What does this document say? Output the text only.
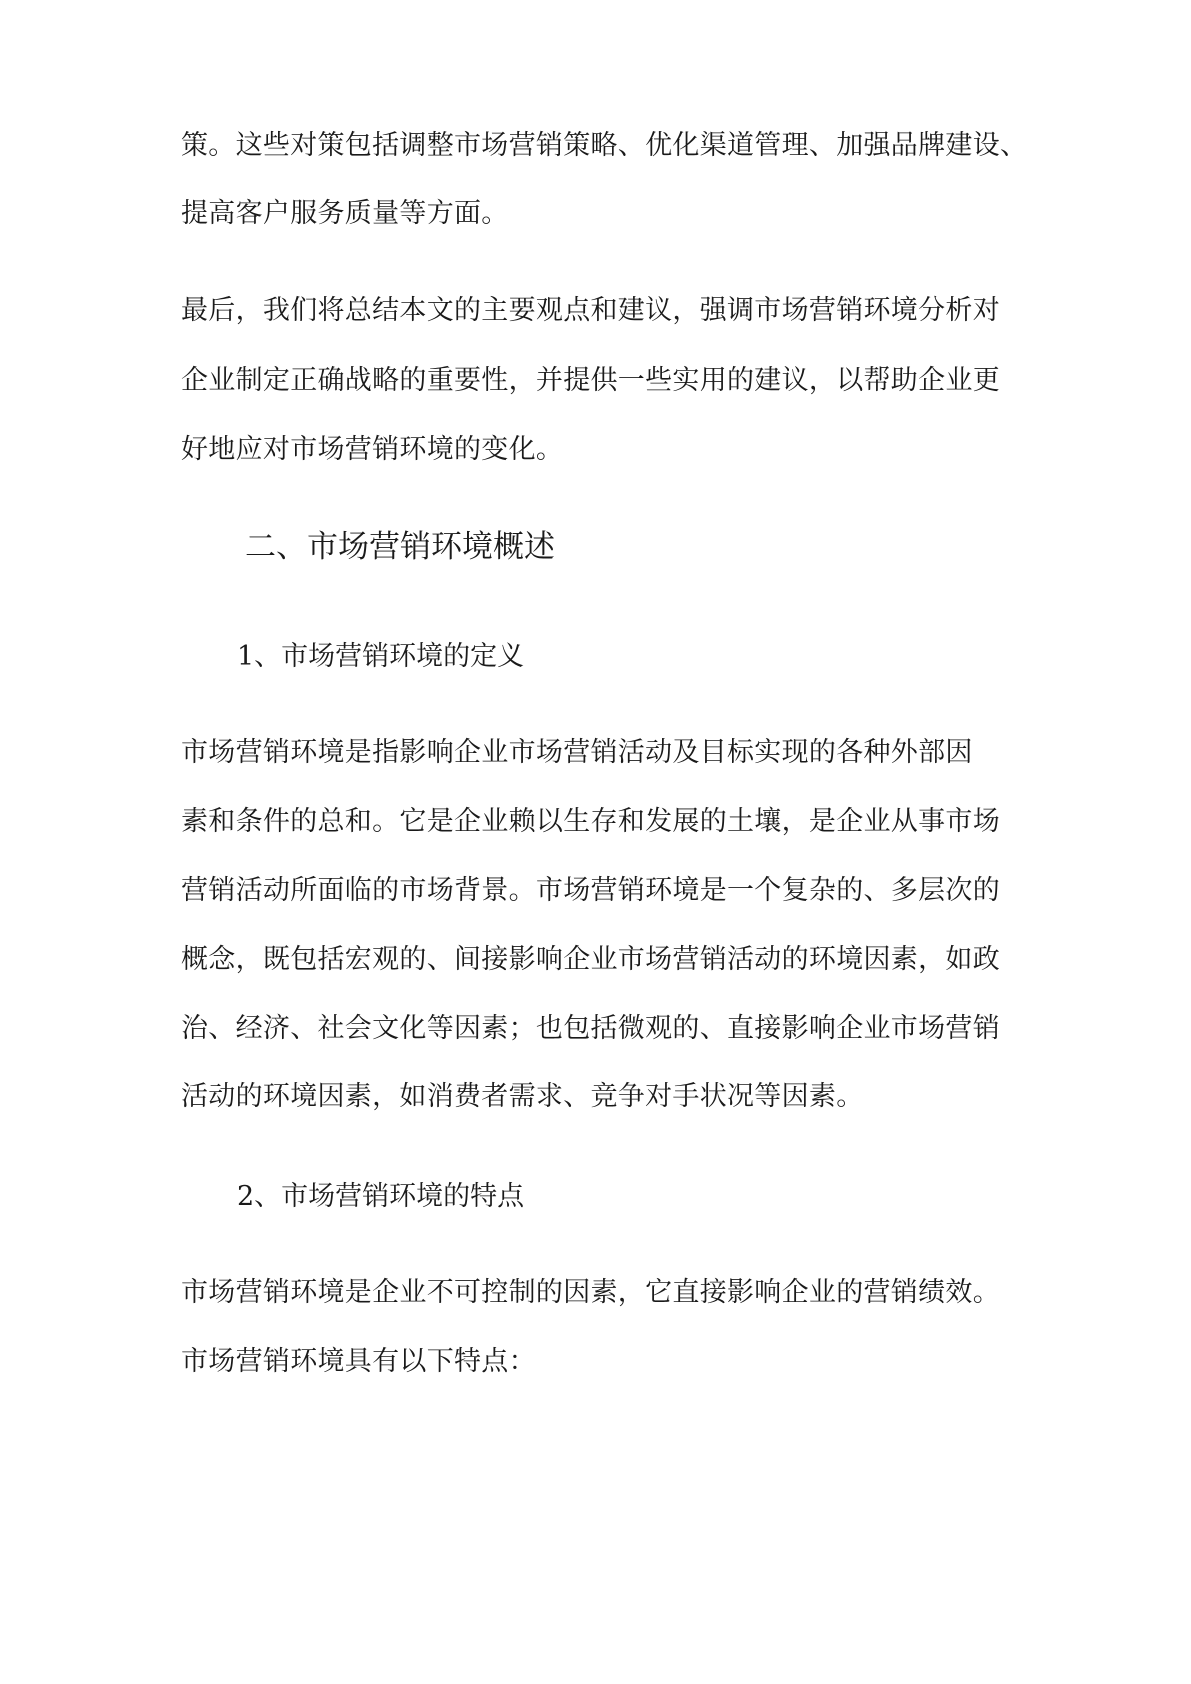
策。这些对策包括调整市场营销策略、优化渠道管理、加强品牌建设、
提高客户服务质量等方面。
最后，我们将总结本文的主要观点和建议，强调市场营销环境分析对
企业制定正确战略的重要性，并提供一些实用的建议，以帮助企业更
好地应对市场营销环境的变化。
二、市场营销环境概述
1、市场营销环境的定义
市场营销环境是指影响企业市场营销活动及目标实现的各种外部因
素和条件的总和。它是企业赖以生存和发展的土壤，是企业从事市场
营销活动所面临的市场背景。市场营销环境是一个复杂的、多层次的
概念，既包括宏观的、间接影响企业市场营销活动的环境因素，如政
治、经济、社会文化等因素；也包括微观的、直接影响企业市场营销
活动的环境因素，如消费者需求、竞争对手状况等因素。
2、市场营销环境的特点
市场营销环境是企业不可控制的因素，它直接影响企业的营销绩效。
市场营销环境具有以下特点：
